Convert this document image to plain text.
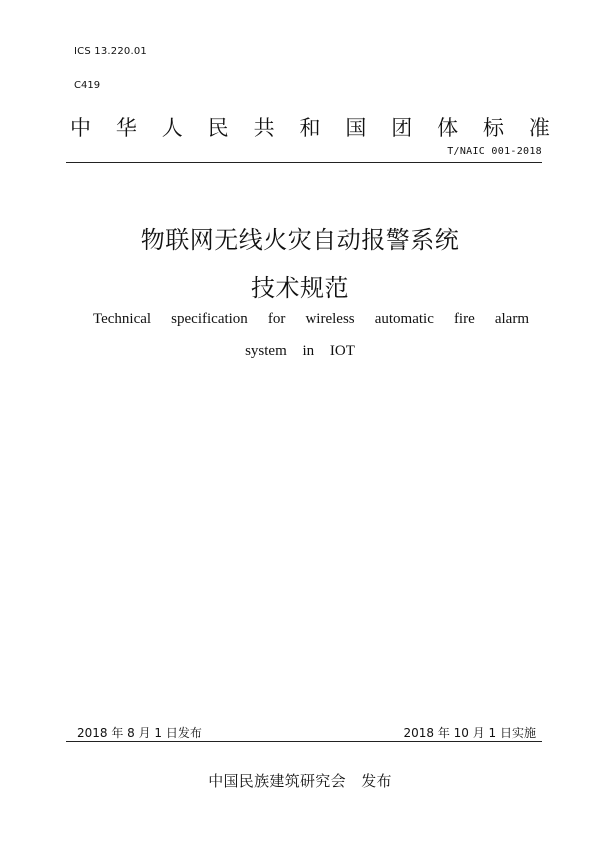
ICS 13.220.01
C419
中 华 人 民 共 和 国 团 体 标 准
T/NAIC 001-2018
物联网无线火灾自动报警系统
技术规范
Technical specification for wireless automatic fire alarm
system in IOT
2018 年 8 月 1 日发布	2018 年 10 月 1 日实施
中国民族建筑研究会　发布
